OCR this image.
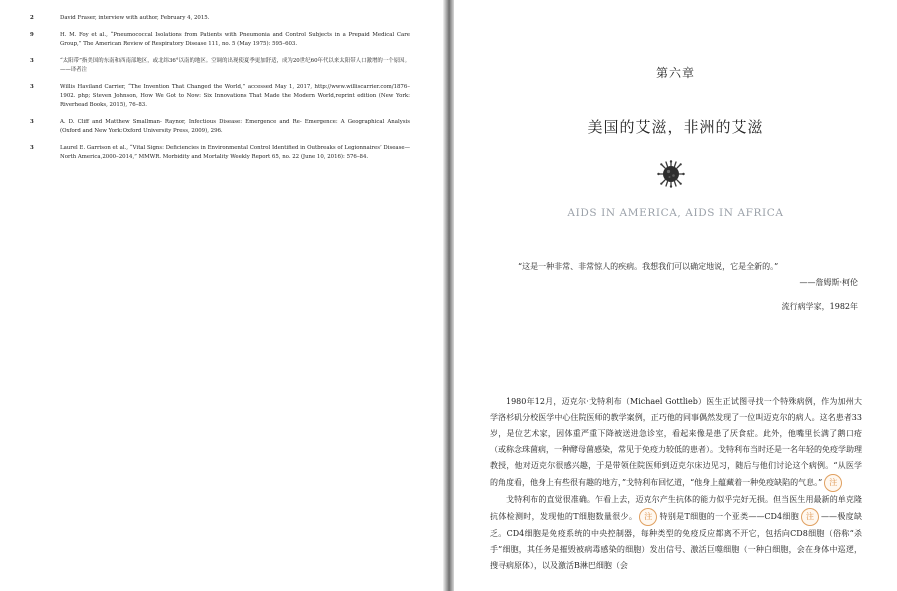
2	David Fraser, interview with author, February 4, 2015.
9	H. M. Foy et al., “Pneumococcal Isolations from Patients with Pneumonia and Control Subjects in a Prepaid Medical Care Group,” The American Review of Respiratory Disease 111, no. 5 (May 1975): 595–603.
3	“太阳带”指美国的东南和西南部地区，或北纬36°以南的地区。空调的出现使夏季更加舒适，成为20世纪60年代以来太阳带人口激增的一个原因。——译者注
3	Willis Haviland Carrier, “The Invention That Changed the World,” accessed May 1, 2017, http://www.williscarrier.com/1876–1902. php; Steven Johnson, How We Got to Now: Six Innovations That Made the Modern World,reprint edition (New York: Riverhead Books, 2015), 76–83.
3	A. D. Cliff and Matthew Smallman- Raynor, Infectious Disease: Emergence and Re- Emergence: A Geographical Analysis (Oxford and New York:Oxford University Press, 2009), 296.
3	Laurel E. Garrison et al., “Vital Signs: Deficiencies in Environmental Control Identified in Outbreaks of Legionnaires’ Disease—North America,2000–2014,” MMWR. Morbidity and Mortality Weekly Report 65, no. 22 (June 10, 2016): 576–84.
第六章
美国的艾滋，非洲的艾滋
AIDS IN AMERICA, AIDS IN AFRICA
“这是一种非常、非常惊人的疾病。我想我们可以确定地说，它是全新的。”
——詹姆斯·柯伦
流行病学家，1982年

1980年12月，迈克尔·戈特利布（Michael Gottlieb）医生正试图寻找一个特殊病例，作为加州大学洛杉矶分校医学中心住院医师的教学案例，正巧他的同事偶然发现了一位叫迈克尔的病人。这名患者33岁，是位艺术家，因体重严重下降被送进急诊室，看起来像是患了厌食症。此外，他嘴里长满了鹅口疮（或称念珠菌病，一种酵母菌感染，常见于免疫力较低的患者）。戈特利布当时还是一名年轻的免疫学助理教授，他对迈克尔很感兴趣，于是带领住院医师到迈克尔床边见习，随后与他们讨论这个病例。“从医学的角度看，他身上有些很有趣的地方，”戈特利布回忆道，“他身上蕴藏着一种免疫缺陷的气息。” 注

戈特利布的直觉很准确。乍看上去，迈克尔产生抗体的能力似乎完好无损。但当医生用最新的单克隆抗体检测时，发现他的T细胞数量很少。 注 特别是T细胞的一个亚类——CD4细胞 注 ——极度缺乏。CD4细胞是免疫系统的中央控制器，每种类型的免疫反应都离不开它，包括向CD8细胞（俗称“杀手”细胞，其任务是摧毁被病毒感染的细胞）发出信号、激活巨噬细胞（一种白细胞，会在身体中巡逻，搜寻病原体），以及激活B淋巴细胞（会
